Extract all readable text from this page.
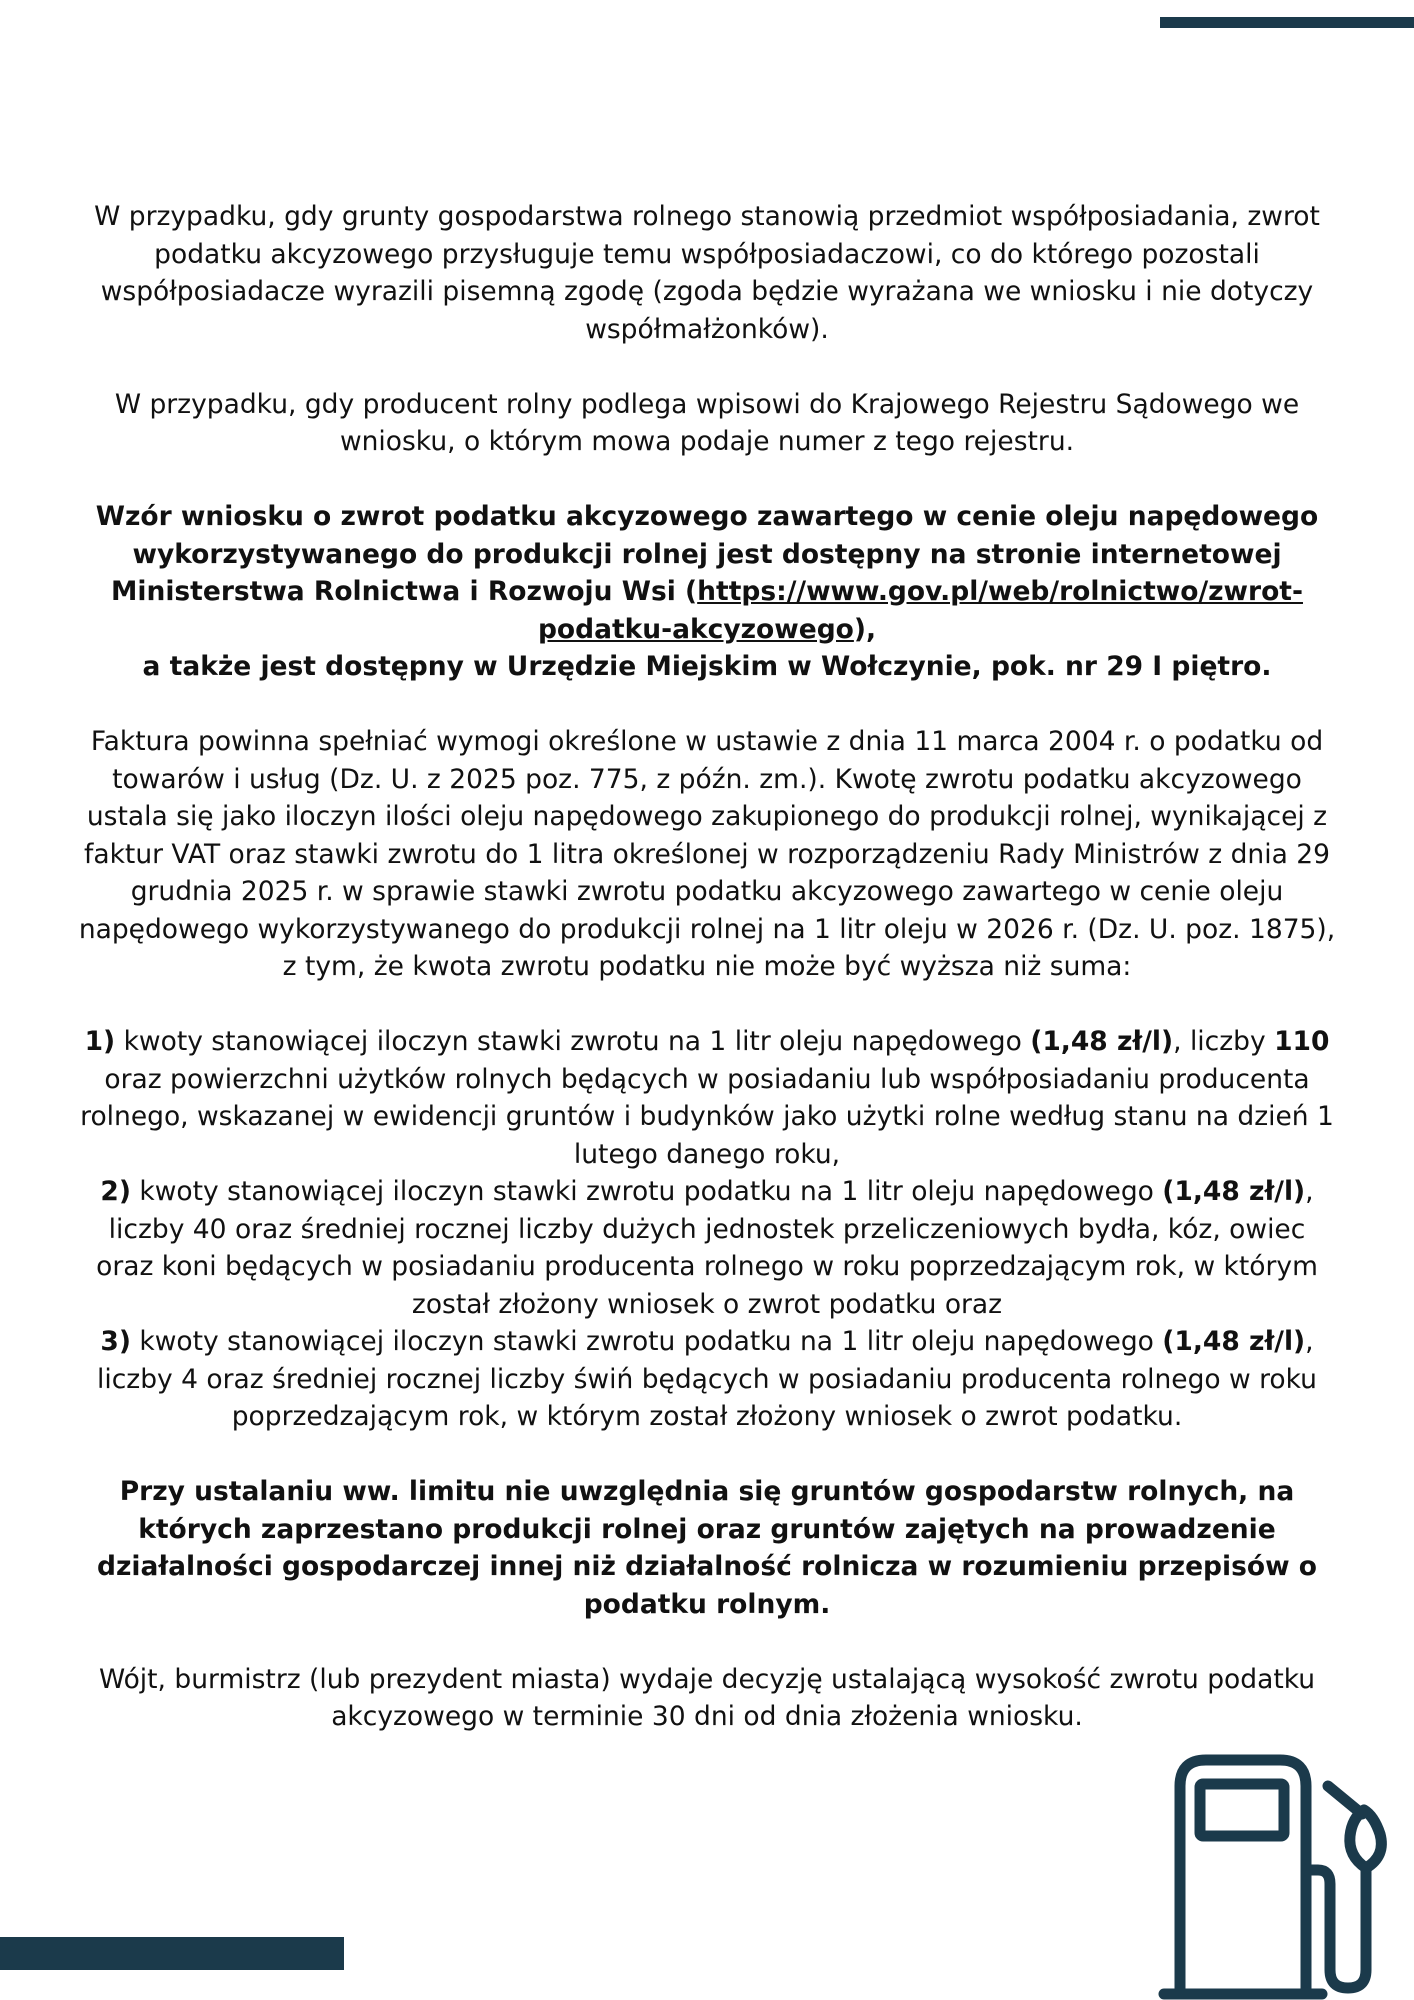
W przypadku, gdy grunty gospodarstwa rolnego stanowią przedmiot współposiadania, zwrot podatku akcyzowego przysługuje temu współposiadaczowi, co do którego pozostali współposiadacze wyrazili pisemną zgodę (zgoda będzie wyrażana we wniosku i nie dotyczy współmałżonków).

W przypadku, gdy producent rolny podlega wpisowi do Krajowego Rejestru Sądowego we wniosku, o którym mowa podaje numer z tego rejestru.

Wzór wniosku o zwrot podatku akcyzowego zawartego w cenie oleju napędowego wykorzystywanego do produkcji rolnej jest dostępny na stronie internetowej Ministerstwa Rolnictwa i Rozwoju Wsi (https://www.gov.pl/web/rolnictwo/zwrot-podatku-akcyzowego),
a także jest dostępny w Urzędzie Miejskim w Wołczynie, pok. nr 29 I piętro.

Faktura powinna spełniać wymogi określone w ustawie z dnia 11 marca 2004 r. o podatku od towarów i usług (Dz. U. z 2025 poz. 775, z późn. zm.). Kwotę zwrotu podatku akcyzowego ustala się jako iloczyn ilości oleju napędowego zakupionego do produkcji rolnej, wynikającej z faktur VAT oraz stawki zwrotu do 1 litra określonej w rozporządzeniu Rady Ministrów z dnia 29 grudnia 2025 r. w sprawie stawki zwrotu podatku akcyzowego zawartego w cenie oleju napędowego wykorzystywanego do produkcji rolnej na 1 litr oleju w 2026 r. (Dz. U. poz. 1875), z tym, że kwota zwrotu podatku nie może być wyższa niż suma:

1) kwoty stanowiącej iloczyn stawki zwrotu na 1 litr oleju napędowego (1,48 zł/l), liczby 110 oraz powierzchni użytków rolnych będących w posiadaniu lub współposiadaniu producenta rolnego, wskazanej w ewidencji gruntów i budynków jako użytki rolne według stanu na dzień 1 lutego danego roku,
2) kwoty stanowiącej iloczyn stawki zwrotu podatku na 1 litr oleju napędowego (1,48 zł/l), liczby 40 oraz średniej rocznej liczby dużych jednostek przeliczeniowych bydła, kóz, owiec oraz koni będących w posiadaniu producenta rolnego w roku poprzedzającym rok, w którym został złożony wniosek o zwrot podatku oraz
3) kwoty stanowiącej iloczyn stawki zwrotu podatku na 1 litr oleju napędowego (1,48 zł/l), liczby 4 oraz średniej rocznej liczby świń będących w posiadaniu producenta rolnego w roku poprzedzającym rok, w którym został złożony wniosek o zwrot podatku.

Przy ustalaniu ww. limitu nie uwzględnia się gruntów gospodarstw rolnych, na których zaprzestano produkcji rolnej oraz gruntów zajętych na prowadzenie działalności gospodarczej innej niż działalność rolnicza w rozumieniu przepisów o podatku rolnym.

Wójt, burmistrz (lub prezydent miasta) wydaje decyzję ustalającą wysokość zwrotu podatku akcyzowego w terminie 30 dni od dnia złożenia wniosku.
